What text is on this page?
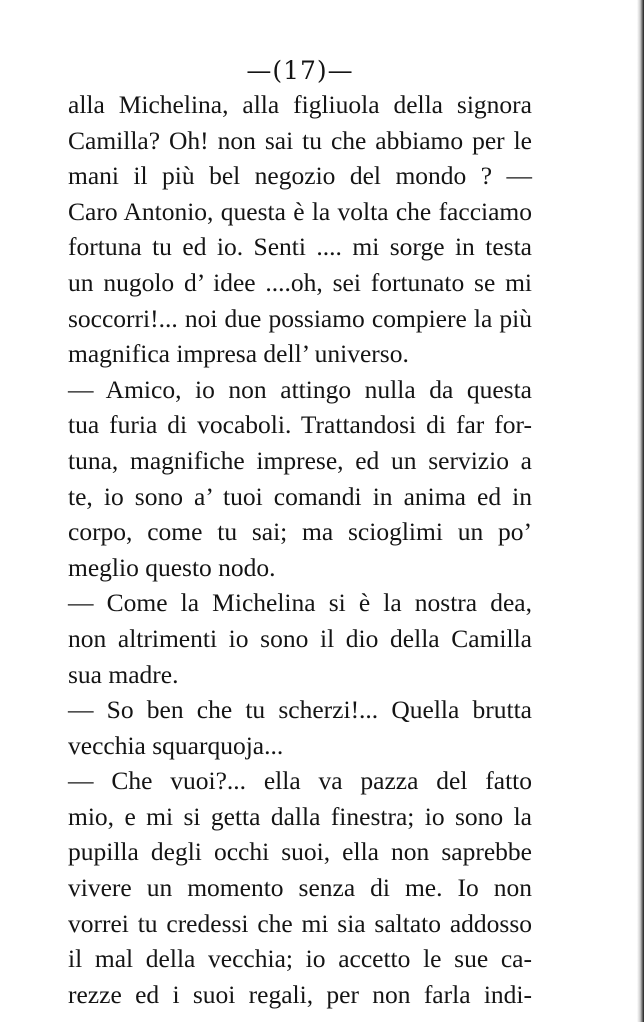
—(17)—
alla Michelina, alla figliuola della signora
Camilla? Oh! non sai tu che abbiamo per le
mani il più bel negozio del mondo ? —
Caro Antonio, questa è la volta che facciamo
fortuna tu ed io. Senti .... mi sorge in testa
un nugolo d’ idee ....oh, sei fortunato se mi
soccorri!... noi due possiamo compiere la più
magnifica impresa dell’ universo.
— Amico, io non attingo nulla da questa
tua furia di vocaboli. Trattandosi di far for-
tuna, magnifiche imprese, ed un servizio a
te, io sono a’ tuoi comandi in anima ed in
corpo, come tu sai; ma scioglimi un po’
meglio questo nodo.
— Come la Michelina si è la nostra dea,
non altrimenti io sono il dio della Camilla
sua madre.
— So ben che tu scherzi!... Quella brutta
vecchia squarquoja...
— Che vuoi?... ella va pazza del fatto
mio, e mi si getta dalla finestra; io sono la
pupilla degli occhi suoi, ella non saprebbe
vivere un momento senza di me. Io non
vorrei tu credessi che mi sia saltato addosso
il mal della vecchia; io accetto le sue ca-
rezze ed i suoi regali, per non farla indi-
